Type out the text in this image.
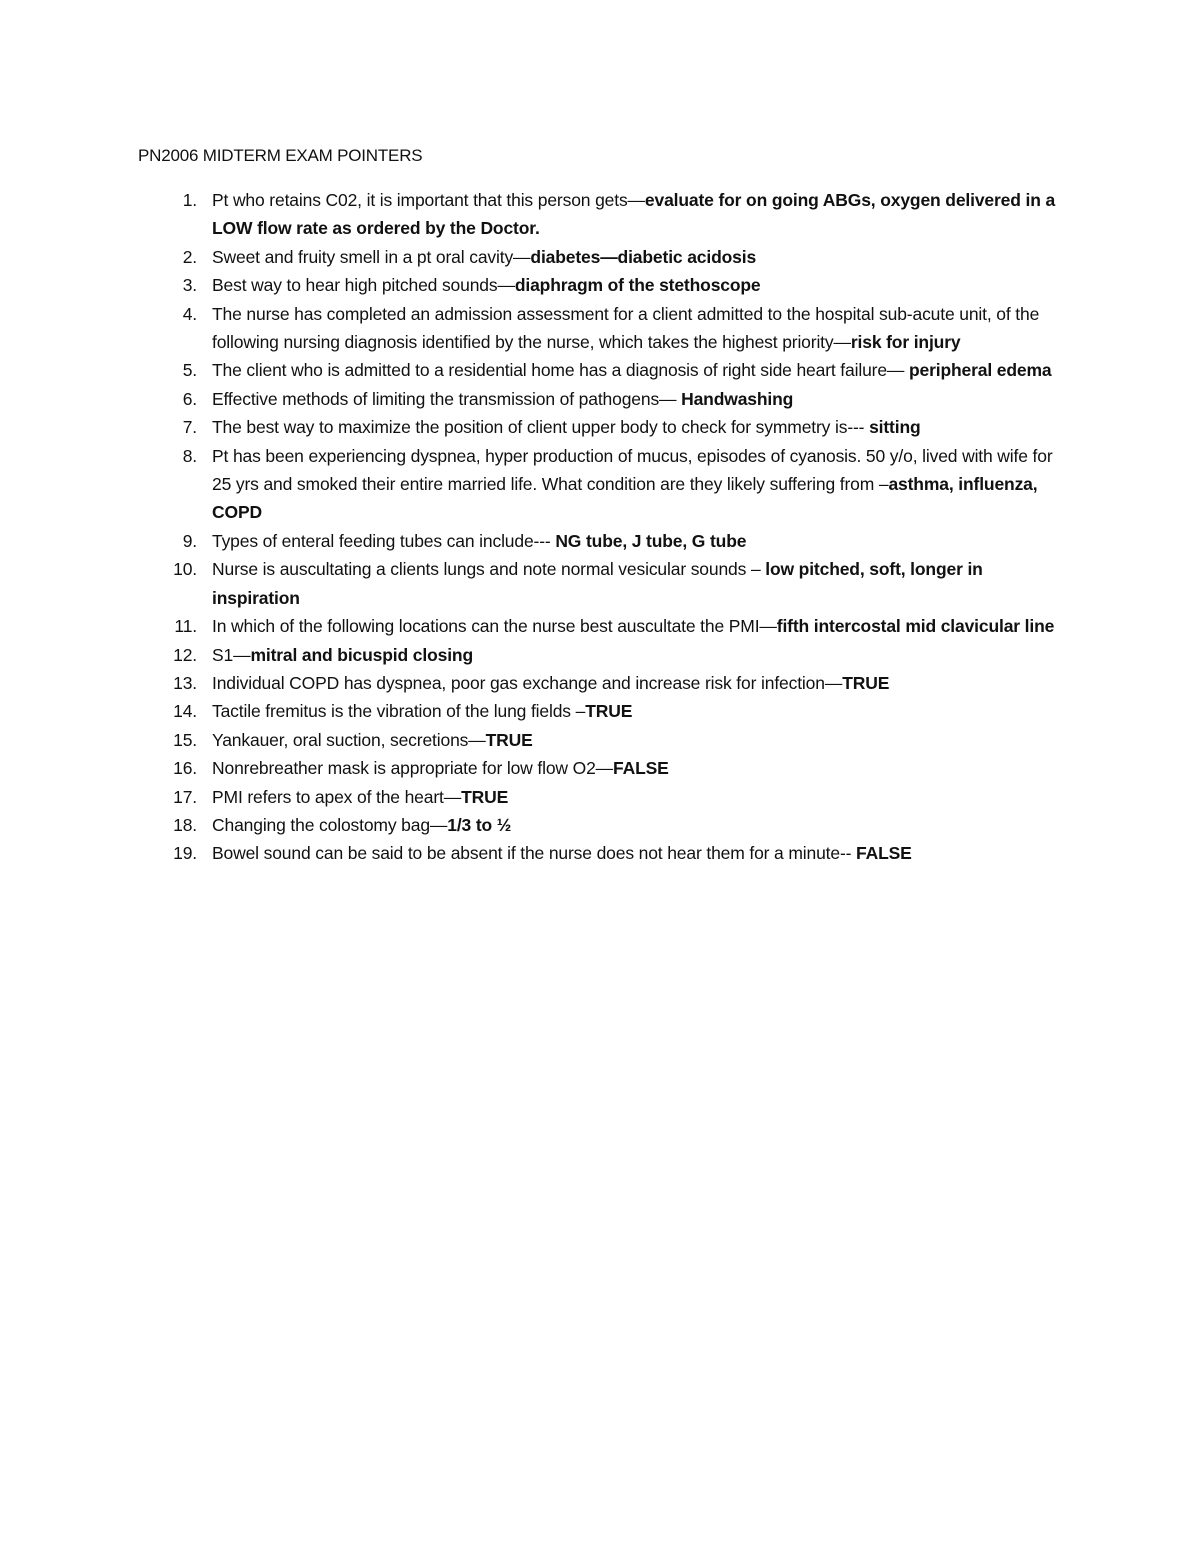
PN2006 MIDTERM EXAM POINTERS
1. Pt who retains C02, it is important that this person gets—evaluate for on going ABGs, oxygen delivered in a LOW flow rate as ordered by the Doctor.
2. Sweet and fruity smell in a pt oral cavity—diabetes—diabetic acidosis
3. Best way to hear high pitched sounds—diaphragm of the stethoscope
4. The nurse has completed an admission assessment for a client admitted to the hospital sub-acute unit, of the following nursing diagnosis identified by the nurse, which takes the highest priority—risk for injury
5. The client who is admitted to a residential home has a diagnosis of right side heart failure— peripheral edema
6. Effective methods of limiting the transmission of pathogens— Handwashing
7. The best way to maximize the position of client upper body to check for symmetry is--- sitting
8. Pt has been experiencing dyspnea, hyper production of mucus, episodes of cyanosis. 50 y/o, lived with wife for 25 yrs and smoked their entire married life. What condition are they likely suffering from –asthma, influenza, COPD
9. Types of enteral feeding tubes can include--- NG tube, J tube, G tube
10. Nurse is auscultating a clients lungs and note normal vesicular sounds – low pitched, soft, longer in inspiration
11. In which of the following locations can the nurse best auscultate the PMI—fifth intercostal mid clavicular line
12. S1—mitral and bicuspid closing
13. Individual COPD has dyspnea, poor gas exchange and increase risk for infection—TRUE
14. Tactile fremitus is the vibration of the lung fields –TRUE
15. Yankauer, oral suction, secretions—TRUE
16. Nonrebreather mask is appropriate for low flow O2—FALSE
17. PMI refers to apex of the heart—TRUE
18. Changing the colostomy bag—1/3 to ½
19. Bowel sound can be said to be absent if the nurse does not hear them for a minute-- FALSE
